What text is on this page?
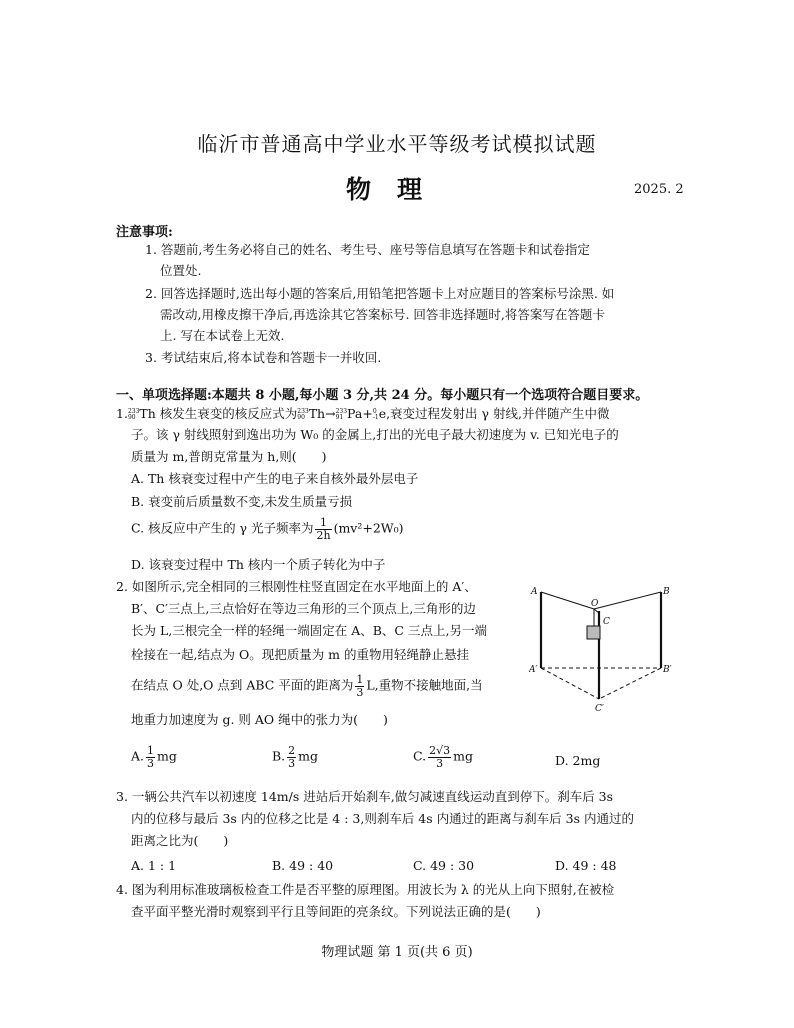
临沂市普通高中学业水平等级考试模拟试题
物理	2025. 2
注意事项:
1. 答题前,考生务必将自己的姓名、考生号、座号等信息填写在答题卡和试卷指定
位置处.
2. 回答选择题时,选出每小题的答案后,用铅笔把答题卡上对应题目的答案标号涂黑. 如
需改动,用橡皮擦干净后,再选涂其它答案标号. 回答非选择题时,将答案写在答题卡
上. 写在本试卷上无效.
3. 考试结束后,将本试卷和答题卡一并收回.
一、单项选择题:本题共 8 小题,每小题 3 分,共 24 分。每小题只有一个选项符合题目要求。
1. 233
90 Th 核发生衰变的核反应式为 233
90 Th→ 233
91 Pa+ 0
-1 e,衰变过程发射出 γ 射线,并伴随产生中微
子。该 γ 射线照射到逸出功为 W₀ 的金属上,打出的光电子最大初速度为 v. 已知光电子的
质量为 m,普朗克常量为 h,则(　　)
A. Th 核衰变过程中产生的电子来自核外最外层电子
B. 衰变前后质量数不变,未发生质量亏损
C. 核反应中产生的 γ 光子频率为 $\frac{1}{2h} (mv^2+2W_0)$
D. 该衰变过程中 Th 核内一个质子转化为中子
2. 如图所示,完全相同的三根刚性柱竖直固定在水平地面上的 A′、
B′、C′三点上,三点恰好在等边三角形的三个顶点上,三角形的边
长为 L,三根完全一样的轻绳一端固定在 A、B、C 三点上,另一端
栓接在一起,结点为 O。现把质量为 m 的重物用轻绳静止悬挂
在结点 O 处,O 点到 ABC 平面的距离为 $\frac{1}{3} L$,重物不接触地面,当
地重力加速度为 g. 则 AO 绳中的张力为(　　)
A. $\frac{1}{3}$ mg	B. $\frac{2}{3}$ mg	C. $\frac{2√3}{3}$ mg	D. 2mg
A	B
O
C
A′	B′
C′
3. 一辆公共汽车以初速度 14m/s 进站后开始刹车,做匀减速直线运动直到停下。刹车后 3s
内的位移与最后 3s 内的位移之比是 4 : 3,则刹车后 4s 内通过的距离与刹车后 3s 内通过的
距离之比为(　　)
A. 1 : 1	B. 49 : 40	C. 49 : 30	D. 49 : 48
4. 图为利用标准玻璃板检查工件是否平整的原理图。用波长为 λ 的光从上向下照射,在被检
查平面平整光滑时观察到平行且等间距的亮条纹。下列说法正确的是(　　)
物理试题 第 1 页(共 6 页)
